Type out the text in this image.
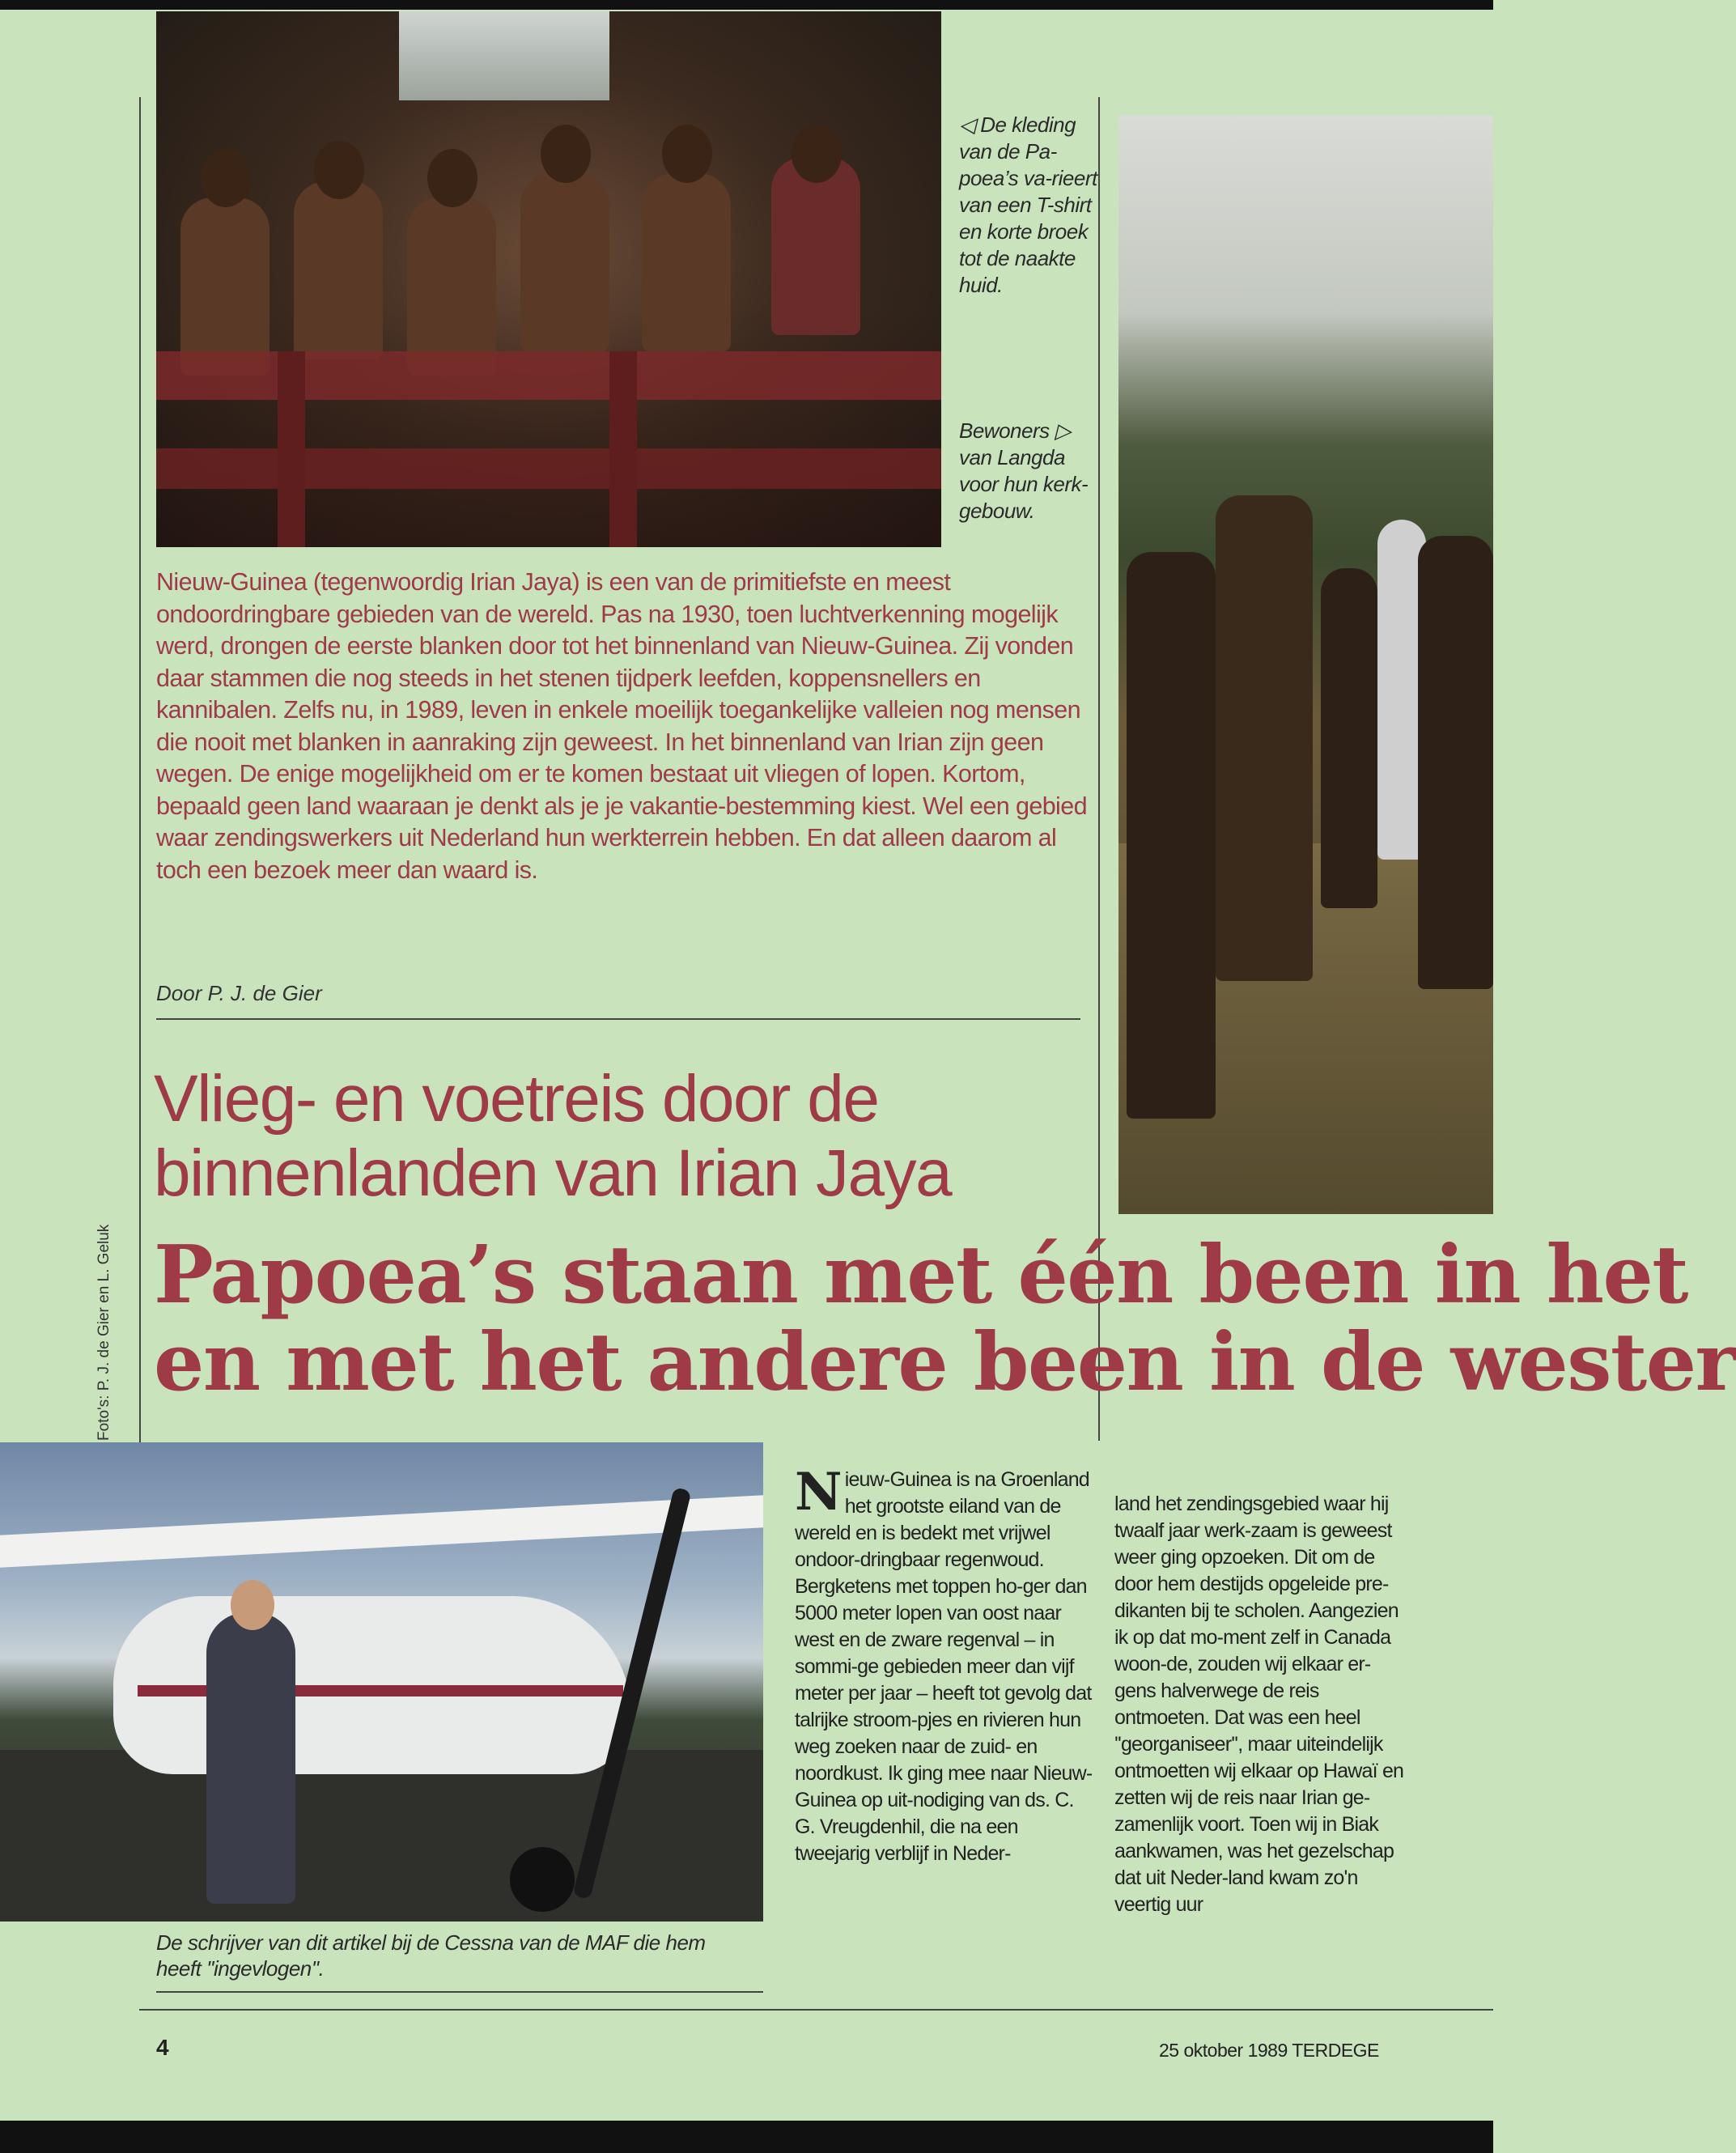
◁ De kleding van de Pa-poea’s va-rieert van een T-shirt en korte broek tot de naakte huid.
Bewoners ▷ van Langda voor hun kerk-gebouw.
Nieuw-Guinea (tegenwoordig Irian Jaya) is een van de primitiefste en meest ondoordringbare gebieden van de wereld. Pas na 1930, toen luchtverkenning mogelijk werd, drongen de eerste blanken door tot het binnenland van Nieuw-Guinea. Zij vonden daar stammen die nog steeds in het stenen tijdperk leefden, koppensnellers en kannibalen. Zelfs nu, in 1989, leven in enkele moeilijk toegankelijke valleien nog mensen die nooit met blanken in aanraking zijn geweest. In het binnenland van Irian zijn geen wegen. De enige mogelijkheid om er te komen bestaat uit vliegen of lopen. Kortom, bepaald geen land waaraan je denkt als je je vakantie-bestemming kiest. Wel een gebied waar zendingswerkers uit Nederland hun werkterrein hebben. En dat alleen daarom al toch een bezoek meer dan waard is.
Door P. J. de Gier
Vlieg- en voetreis door de
binnenlanden van Irian Jaya
Papoea’s staan met één been in het
en met het andere been in de wester
Foto's: P. J. de Gier en L. Geluk
De schrijver van dit artikel bij de Cessna van de MAF die hem heeft ''ingevlogen''.
Nieuw-Guinea is na Groenland het grootste eiland van de wereld en is bedekt met vrijwel ondoor-dringbaar regenwoud. Bergketens met toppen ho-ger dan 5000 meter lopen van oost naar west en de zware regenval – in sommi-ge gebieden meer dan vijf meter per jaar – heeft tot gevolg dat talrijke stroom-pjes en rivieren hun weg zoeken naar de zuid- en noordkust. Ik ging mee naar Nieuw-Guinea op uit-nodiging van ds. C. G. Vreugdenhil, die na een tweejarig verblijf in Neder-
land het zendingsgebied waar hij twaalf jaar werk-zaam is geweest weer ging opzoeken. Dit om de door hem destijds opgeleide pre-dikanten bij te scholen. Aangezien ik op dat mo-ment zelf in Canada woon-de, zouden wij elkaar er-gens halverwege de reis ontmoeten. Dat was een heel ''georganiseer'', maar uiteindelijk ontmoetten wij elkaar op Hawaï en zetten wij de reis naar Irian ge-zamenlijk voort. Toen wij in Biak aankwamen, was het gezelschap dat uit Neder-land kwam zo'n veertig uur
4	25 oktober 1989 TERDEGE
